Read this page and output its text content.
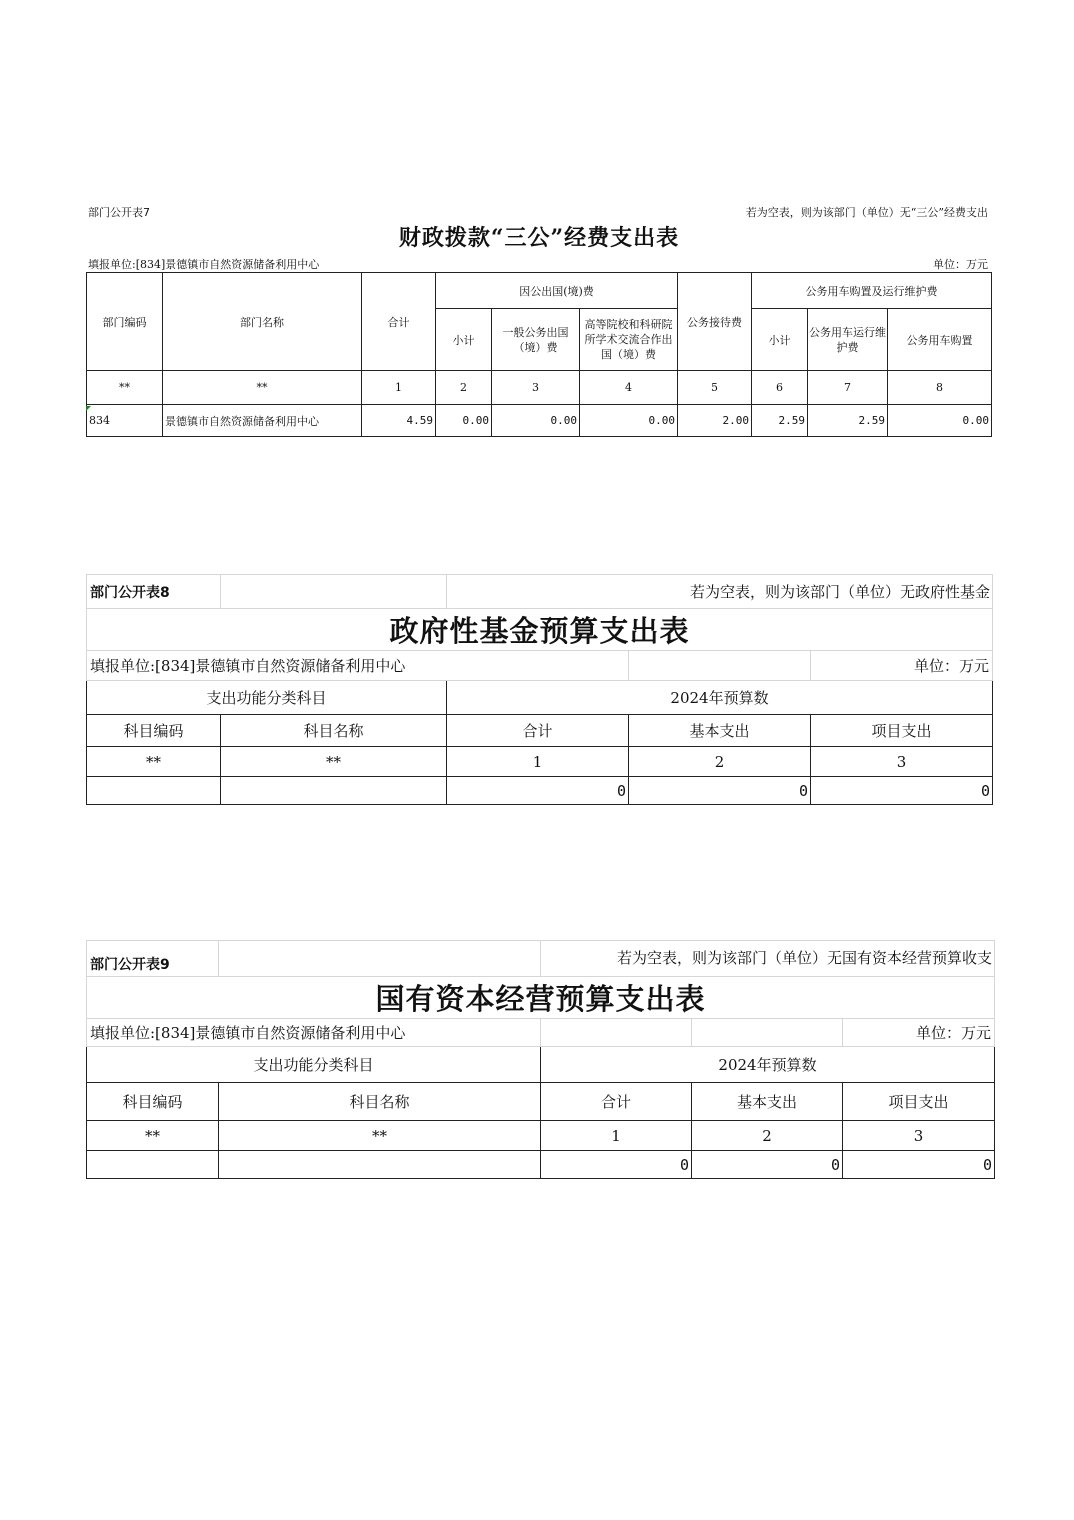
部门公开表7	若为空表，则为该部门（单位）无“三公”经费支出
财政拨款“三公”经费支出表
填报单位:[834]景德镇市自然资源储备利用中心	单位：万元
部门编码	部门名称	合计	因公出国(境)费			公务接待费	公务用车购置及运行维护费		
			小计	一般公务出国（境）费	高等院校和科研院所学术交流合作出国（境）费		小计	公务用车运行维护费	公务用车购置
**	**	1	2	3	4	5	6	7	8
834	景德镇市自然资源储备利用中心	4.59	0.00	0.00	0.00	2.00	2.59	2.59	0.00
部门公开表8		若为空表，则为该部门（单位）无政府性基金		
政府性基金预算支出表				
填报单位:[834]景德镇市自然资源储备利用中心				单位：万元
支出功能分类科目		2024年预算数		
科目编码	科目名称	合计	基本支出	项目支出
**	**	1	2	3
		0	0	0
部门公开表9		若为空表，则为该部门（单位）无国有资本经营预算收支		
国有资本经营预算支出表				
填报单位:[834]景德镇市自然资源储备利用中心				单位：万元
支出功能分类科目		2024年预算数		
科目编码	科目名称	合计	基本支出	项目支出
**	**	1	2	3
		0	0	0
